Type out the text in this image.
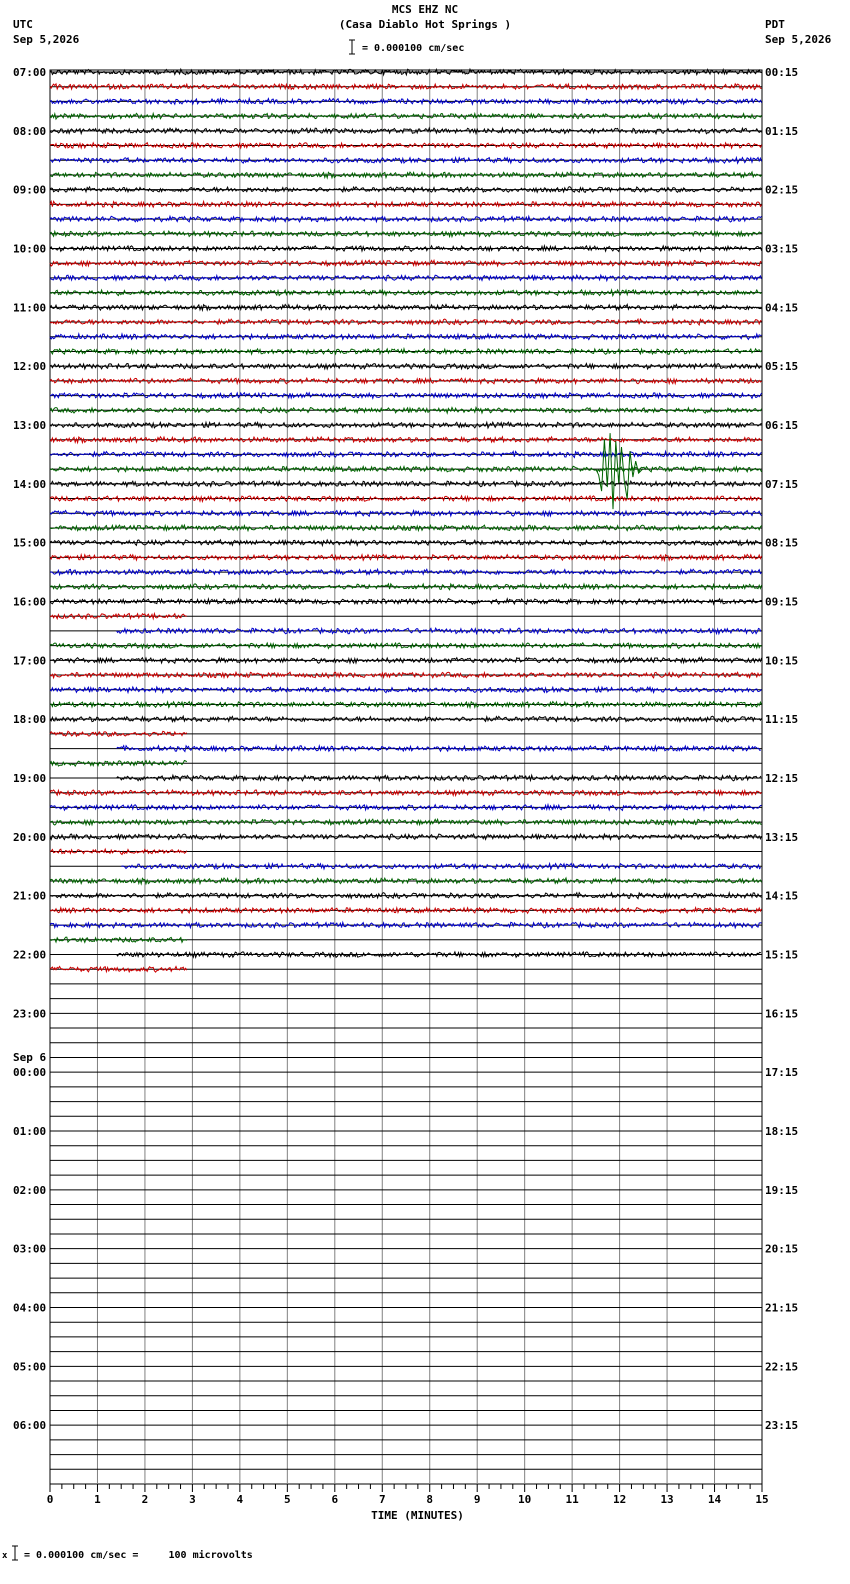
MCS EHZ NC
(Casa Diablo Hot Springs )
UTC
Sep 5,2026
PDT
Sep 5,2026
= 0.000100 cm/sec
TIME (MINUTES)
x = 0.000100 cm/sec =     100 microvolts
07:00	00:15
08:00	01:15
09:00	02:15
10:00	03:15
11:00	04:15
12:00	05:15
13:00	06:15
14:00	07:15
15:00	08:15
16:00	09:15
17:00	10:15
18:00	11:15
19:00	12:15
20:00	13:15
21:00	14:15
22:00	15:15
23:00	16:15
00:00	17:15
01:00	18:15
02:00	19:15
03:00	20:15
04:00	21:15
05:00	22:15
06:00	23:15
Sep 6
0	1	2	3	4	5	6	7	8	9	10	11	12	13	14	15
